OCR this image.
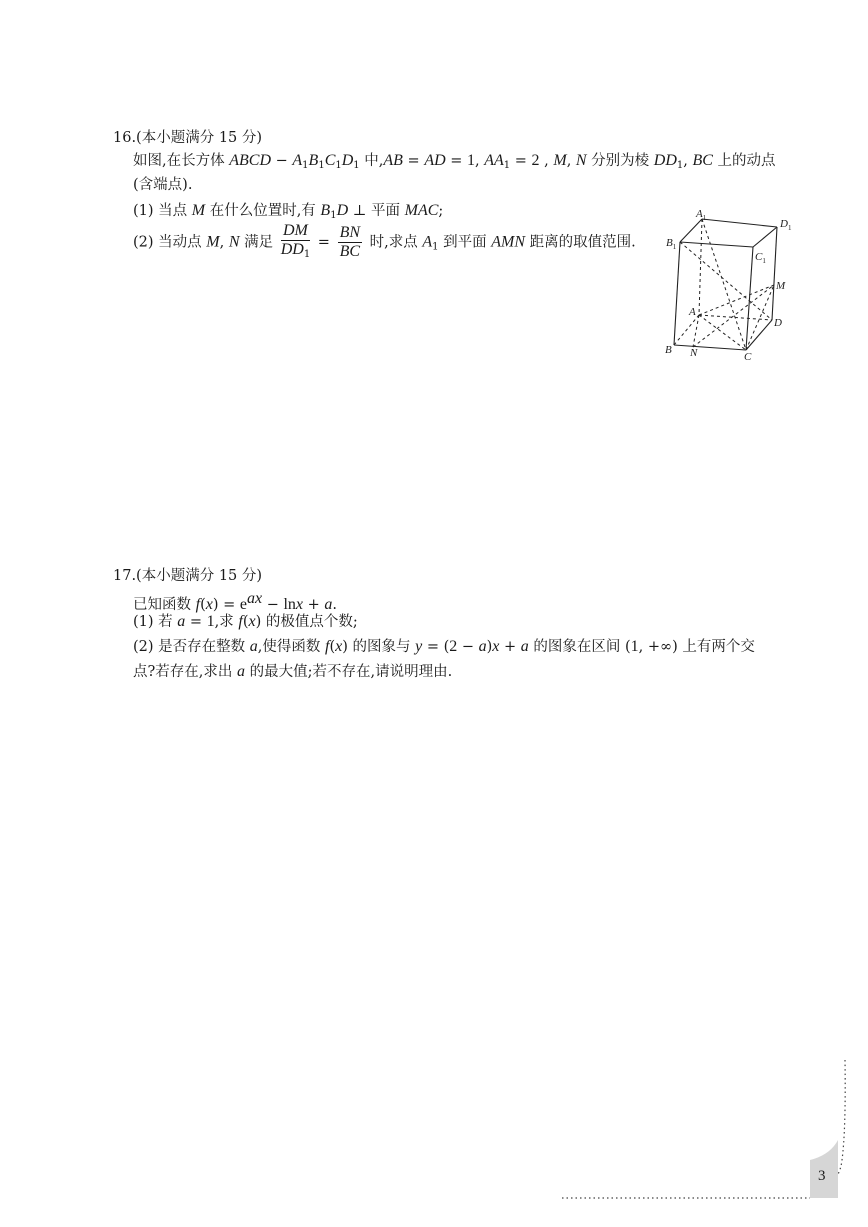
16.(本小题满分 15 分)
如图,在长方体 ABCD − $A_1B_1C_1D_1$ 中,AB = AD = 1, $AA_1 = 2$ , M, N 分别为棱 $DD_1$, BC 上的动点
(含端点).
(1) 当点 M 在什么位置时,有 $B_1D$ ⊥ 平面 MAC;
(2) 当动点 M, N 满足 $\frac{DM}{DD_1} = \frac{BN}{BC}$ 时,求点 $A_1$ 到平面 AMN 距离的取值范围.
$A_1$	$D_1$
$B_1$
$C_1$
M
A
D
B N	C
17.(本小题满分 15 分)
已知函数 $f(x) = e^{ax} - \ln x + a$.
(1) 若 a = 1,求 f(x) 的极值点个数;
(2) 是否存在整数 a,使得函数 f(x) 的图象与 y = (2 − a)x + a 的图象在区间 (1, +∞) 上有两个交
点?若存在,求出 a 的最大值;若不存在,请说明理由.
3
